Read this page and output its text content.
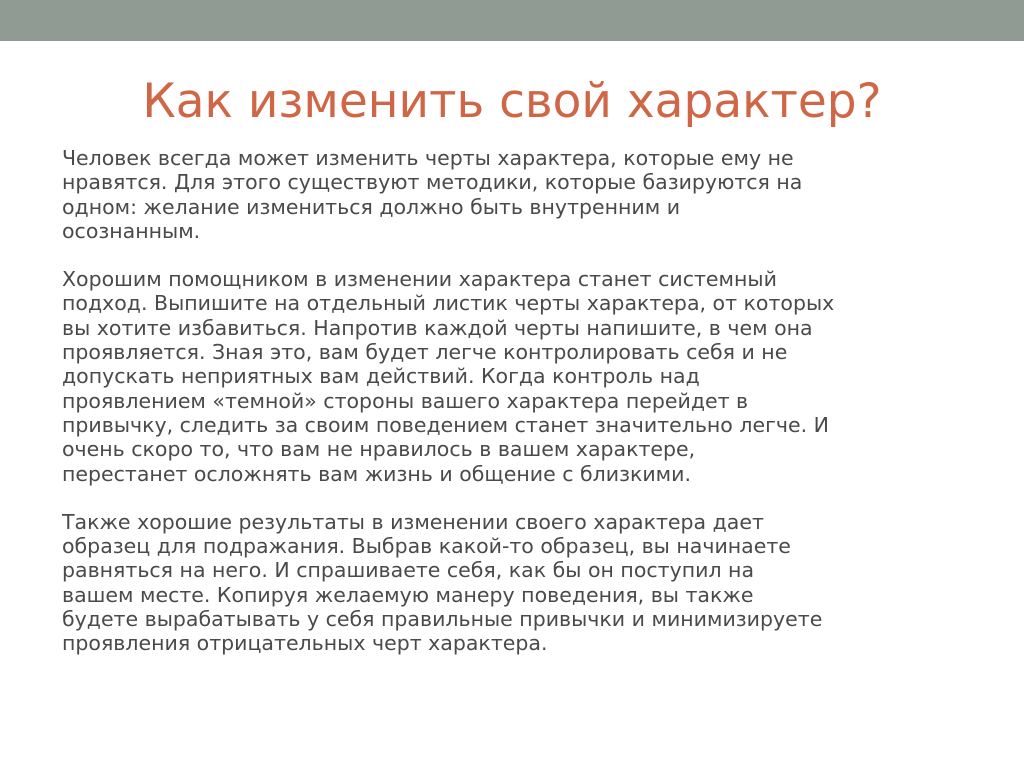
Как изменить свой характер?

Человек всегда может изменить черты характера, которые ему не
нравятся. Для этого существуют методики, которые базируются на
одном: желание измениться должно быть внутренним и
осознанным.

Хорошим помощником в изменении характера станет системный
подход. Выпишите на отдельный листик черты характера, от которых
вы хотите избавиться. Напротив каждой черты напишите, в чем она
проявляется. Зная это, вам будет легче контролировать себя и не
допускать неприятных вам действий. Когда контроль над
проявлением «темной» стороны вашего характера перейдет в
привычку, следить за своим поведением станет значительно легче. И
очень скоро то, что вам не нравилось в вашем характере,
перестанет осложнять вам жизнь и общение с близкими.

Также хорошие результаты в изменении своего характера дает
образец для подражания. Выбрав какой-то образец, вы начинаете
равняться на него. И спрашиваете себя, как бы он поступил на
вашем месте. Копируя желаемую манеру поведения, вы также
будете вырабатывать у себя правильные привычки и минимизируете
проявления отрицательных черт характера.
